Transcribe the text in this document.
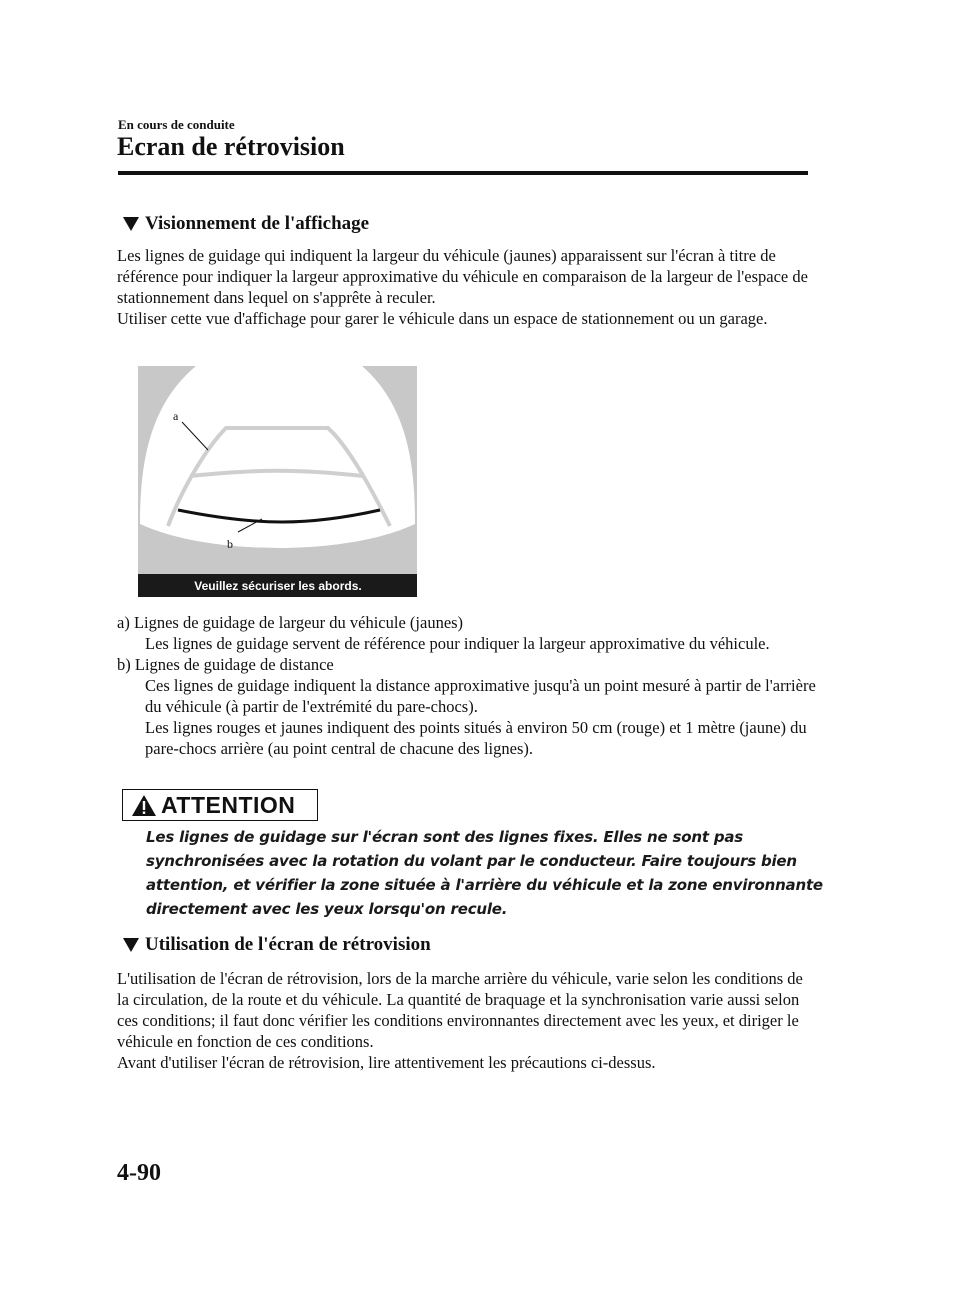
En cours de conduite
Ecran de rétrovision
Visionnement de l'affichage

Les lignes de guidage qui indiquent la largeur du véhicule (jaunes) apparaissent sur l'écran à titre de référence pour indiquer la largeur approximative du véhicule en comparaison de la largeur de l'espace de stationnement dans lequel on s'apprête à reculer.

Utiliser cette vue d'affichage pour garer le véhicule dans un espace de stationnement ou un garage.

a
b
Veuillez sécuriser les abords.

a) Lignes de guidage de largeur du véhicule (jaunes)

Les lignes de guidage servent de référence pour indiquer la largeur approximative du véhicule.

b) Lignes de guidage de distance

Ces lignes de guidage indiquent la distance approximative jusqu'à un point mesuré à partir de l'arrière du véhicule (à partir de l'extrémité du pare-chocs).

Les lignes rouges et jaunes indiquent des points situés à environ 50 cm (rouge) et 1 mètre (jaune) du pare-chocs arrière (au point central de chacune des lignes).

ATTENTION
Les lignes de guidage sur l'écran sont des lignes fixes. Elles ne sont pas synchronisées avec la rotation du volant par le conducteur. Faire toujours bien attention, et vérifier la zone située à l'arrière du véhicule et la zone environnante directement avec les yeux lorsqu'on recule.
Utilisation de l'écran de rétrovision

L'utilisation de l'écran de rétrovision, lors de la marche arrière du véhicule, varie selon les conditions de la circulation, de la route et du véhicule. La quantité de braquage et la synchronisation varie aussi selon ces conditions; il faut donc vérifier les conditions environnantes directement avec les yeux, et diriger le véhicule en fonction de ces conditions.

Avant d'utiliser l'écran de rétrovision, lire attentivement les précautions ci-dessus.

4-90
